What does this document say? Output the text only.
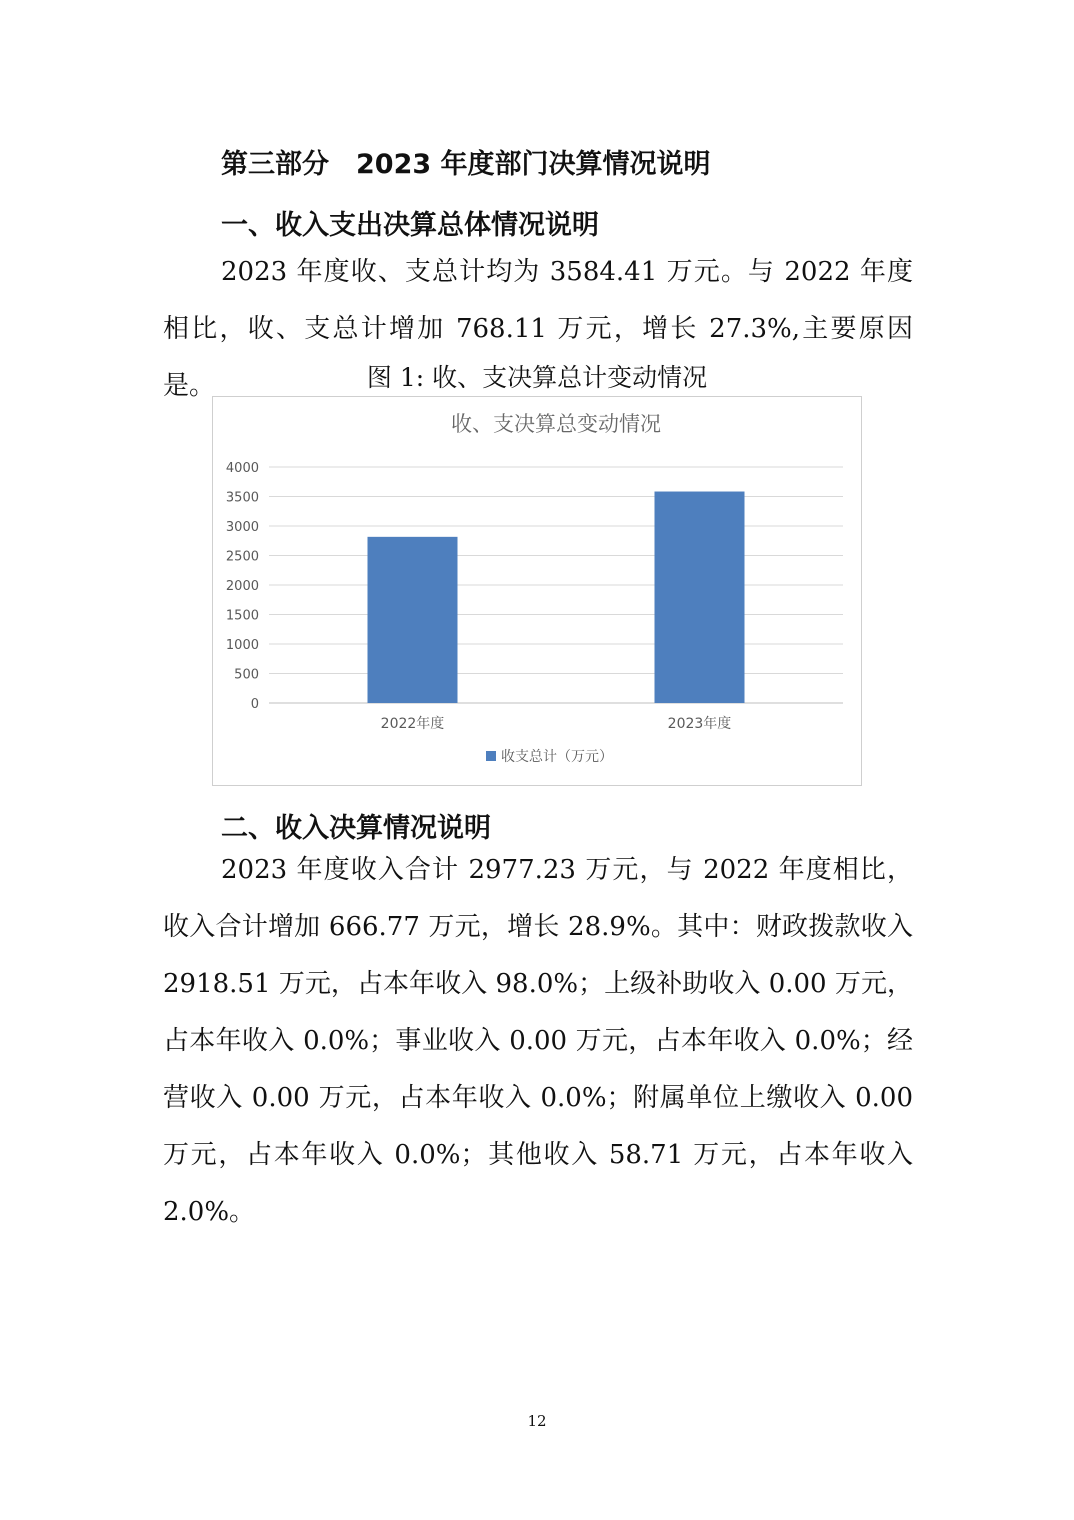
第三部分　2023 年度部门决算情况说明
一、收入支出决算总体情况说明

2023 年度收、支总计均为 3584.41 万元。与 2022 年度相比，收、支总计增加 768.11 万元，增长 27.3%,主要原因是。	图 1: 收、支决算总计变动情况
收、支决算总变动情况
0
500
1000
1500
2000
2500
3000
3500
4000
2022年度	2023年度
收支总计（万元）
二、收入决算情况说明

2023 年度收入合计 2977.23 万元，与 2022 年度相比，收入合计增加 666.77 万元，增长 28.9%。其中：财政拨款收入 2918.51 万元，占本年收入 98.0%；上级补助收入 0.00 万元，占本年收入 0.0%；事业收入 0.00 万元，占本年收入 0.0%；经营收入 0.00 万元，占本年收入 0.0%；附属单位上缴收入 0.00 万元，占本年收入 0.0%；其他收入 58.71 万元，占本年收入 2.0%。

12
